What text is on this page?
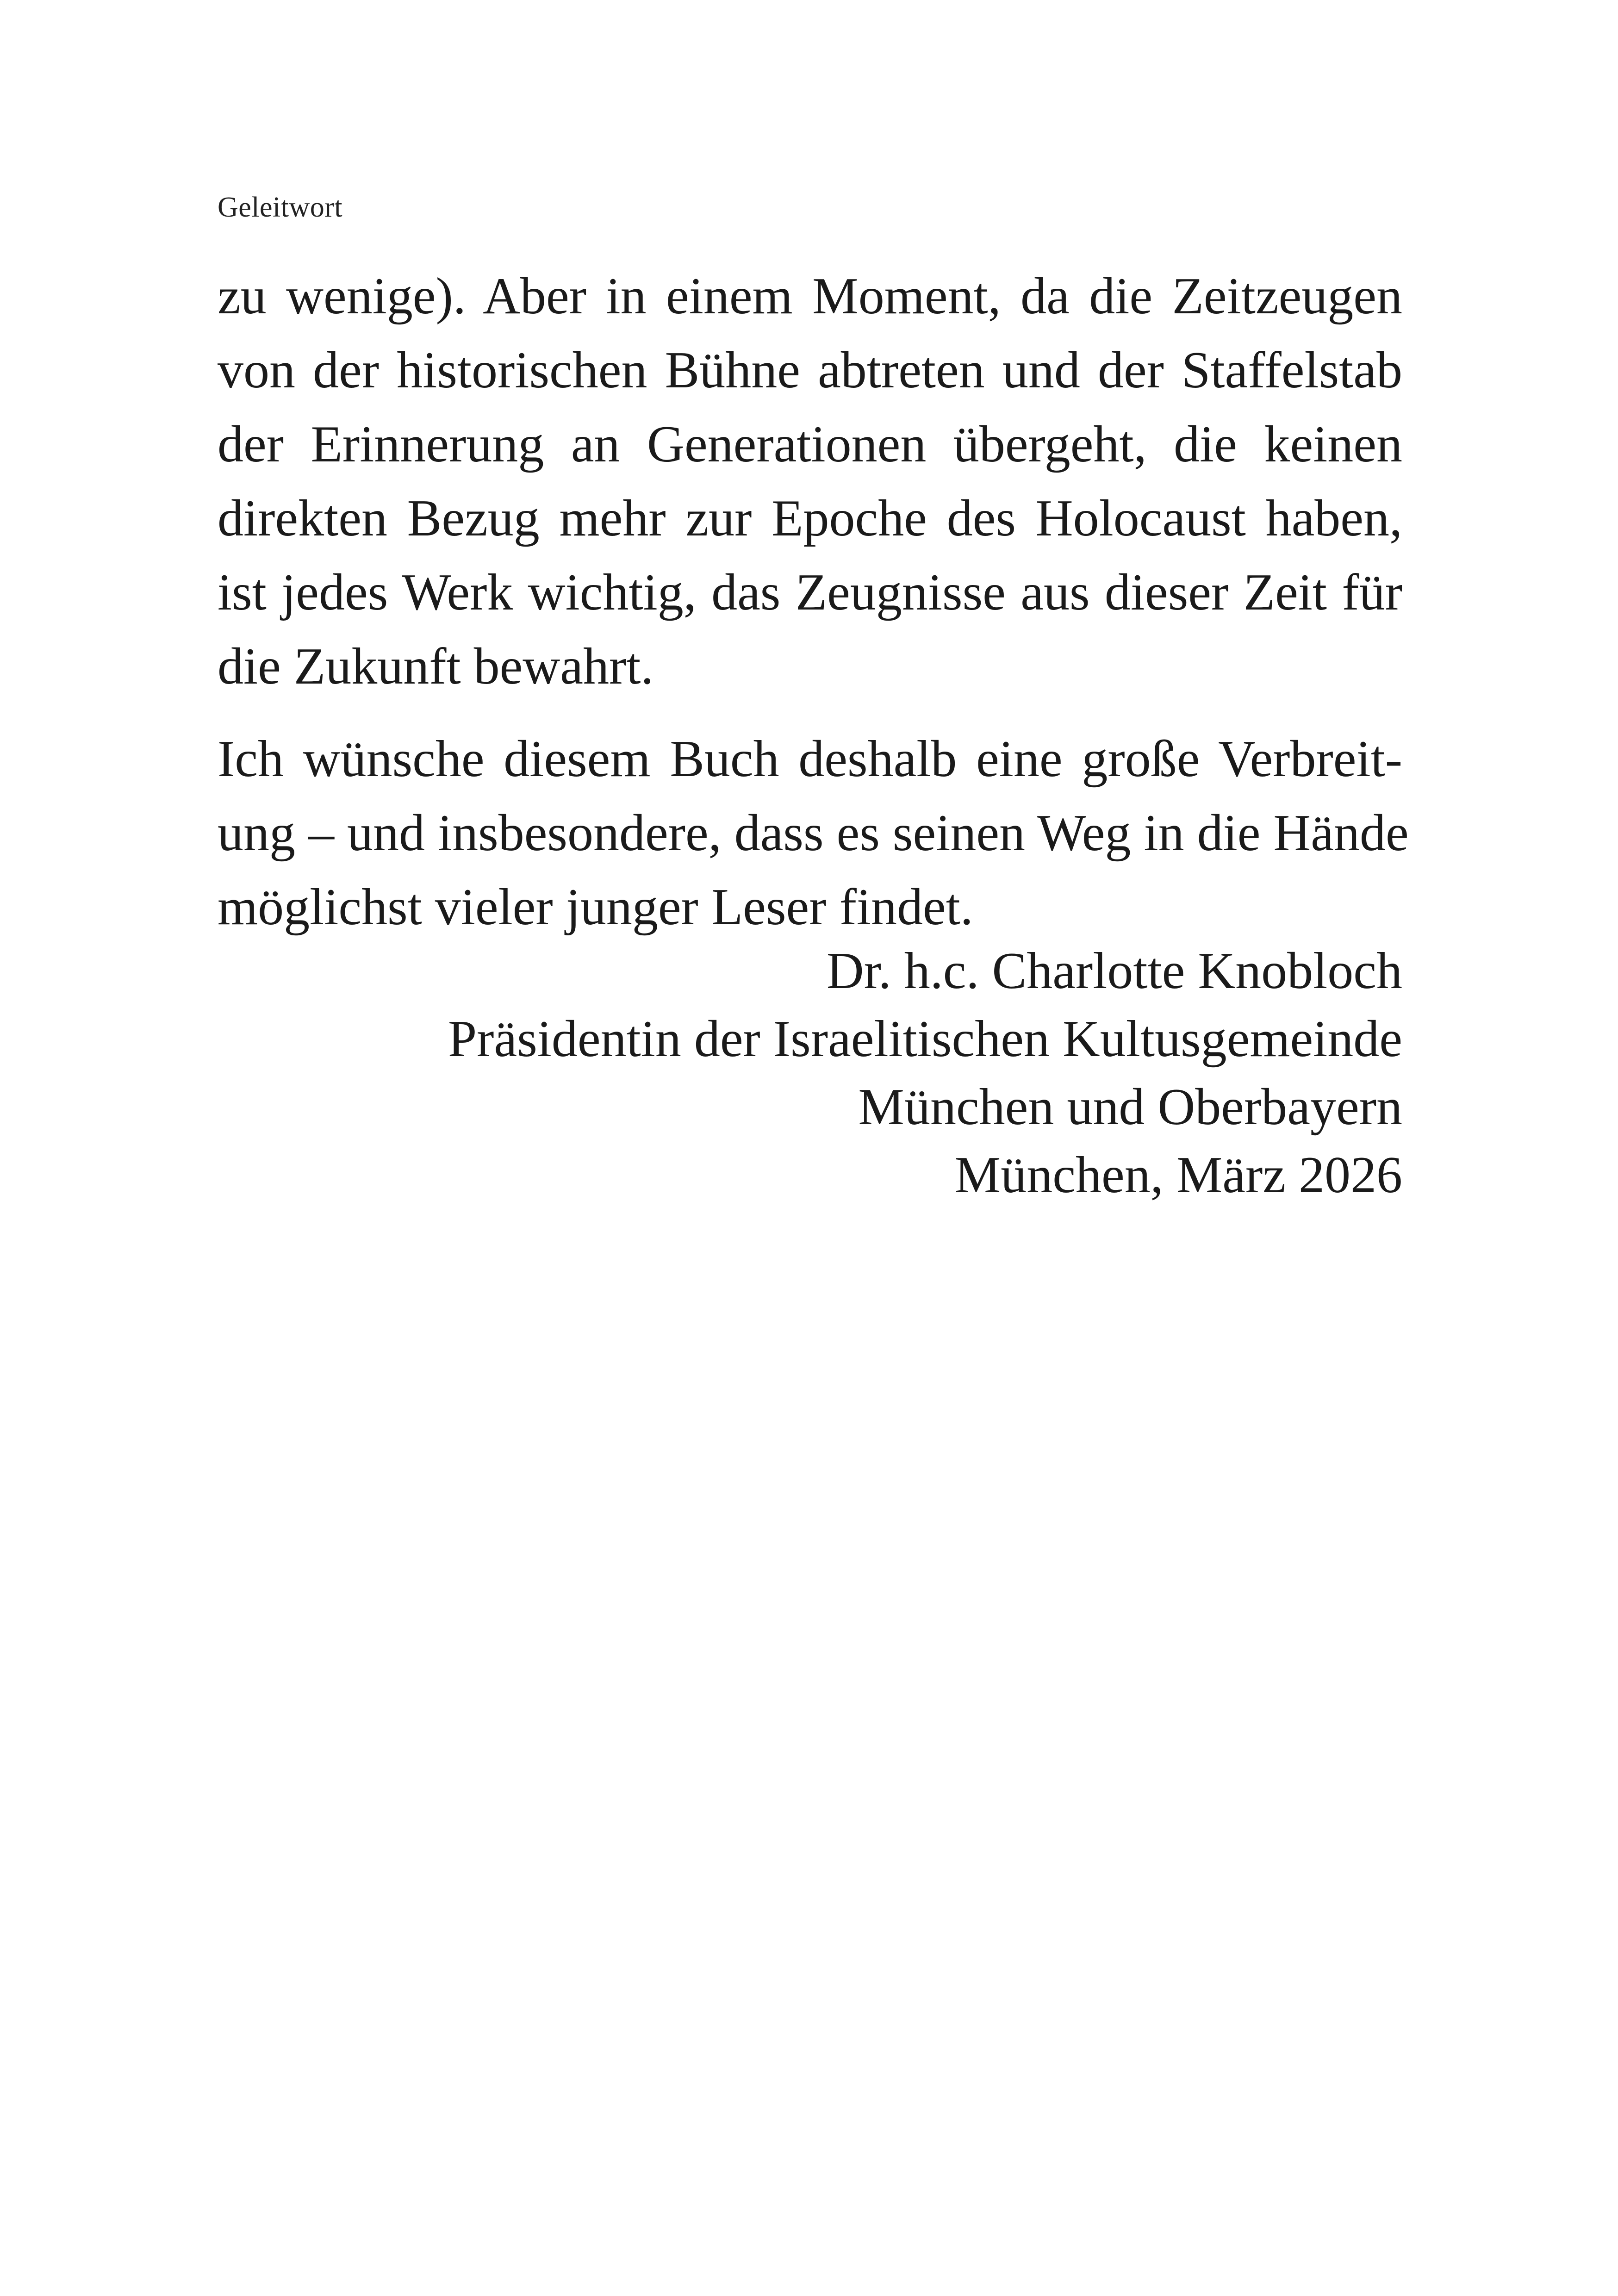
Geleitwort
zu wenige). Aber in einem Moment, da die Zeitzeugen
von der historischen Bühne abtreten und der Staffelstab
der Erinnerung an Generationen übergeht, die keinen
direkten Bezug mehr zur Epoche des Holocaust haben,
ist jedes Werk wichtig, das Zeugnisse aus dieser Zeit für
die Zukunft bewahrt.
Ich wünsche diesem Buch deshalb eine große Verbreit-
ung – und insbesondere, dass es seinen Weg in die Hände
möglichst vieler junger Leser findet.
Dr. h.c. Charlotte Knobloch
Präsidentin der Israelitischen Kultusgemeinde
München und Oberbayern
München, März 2026
